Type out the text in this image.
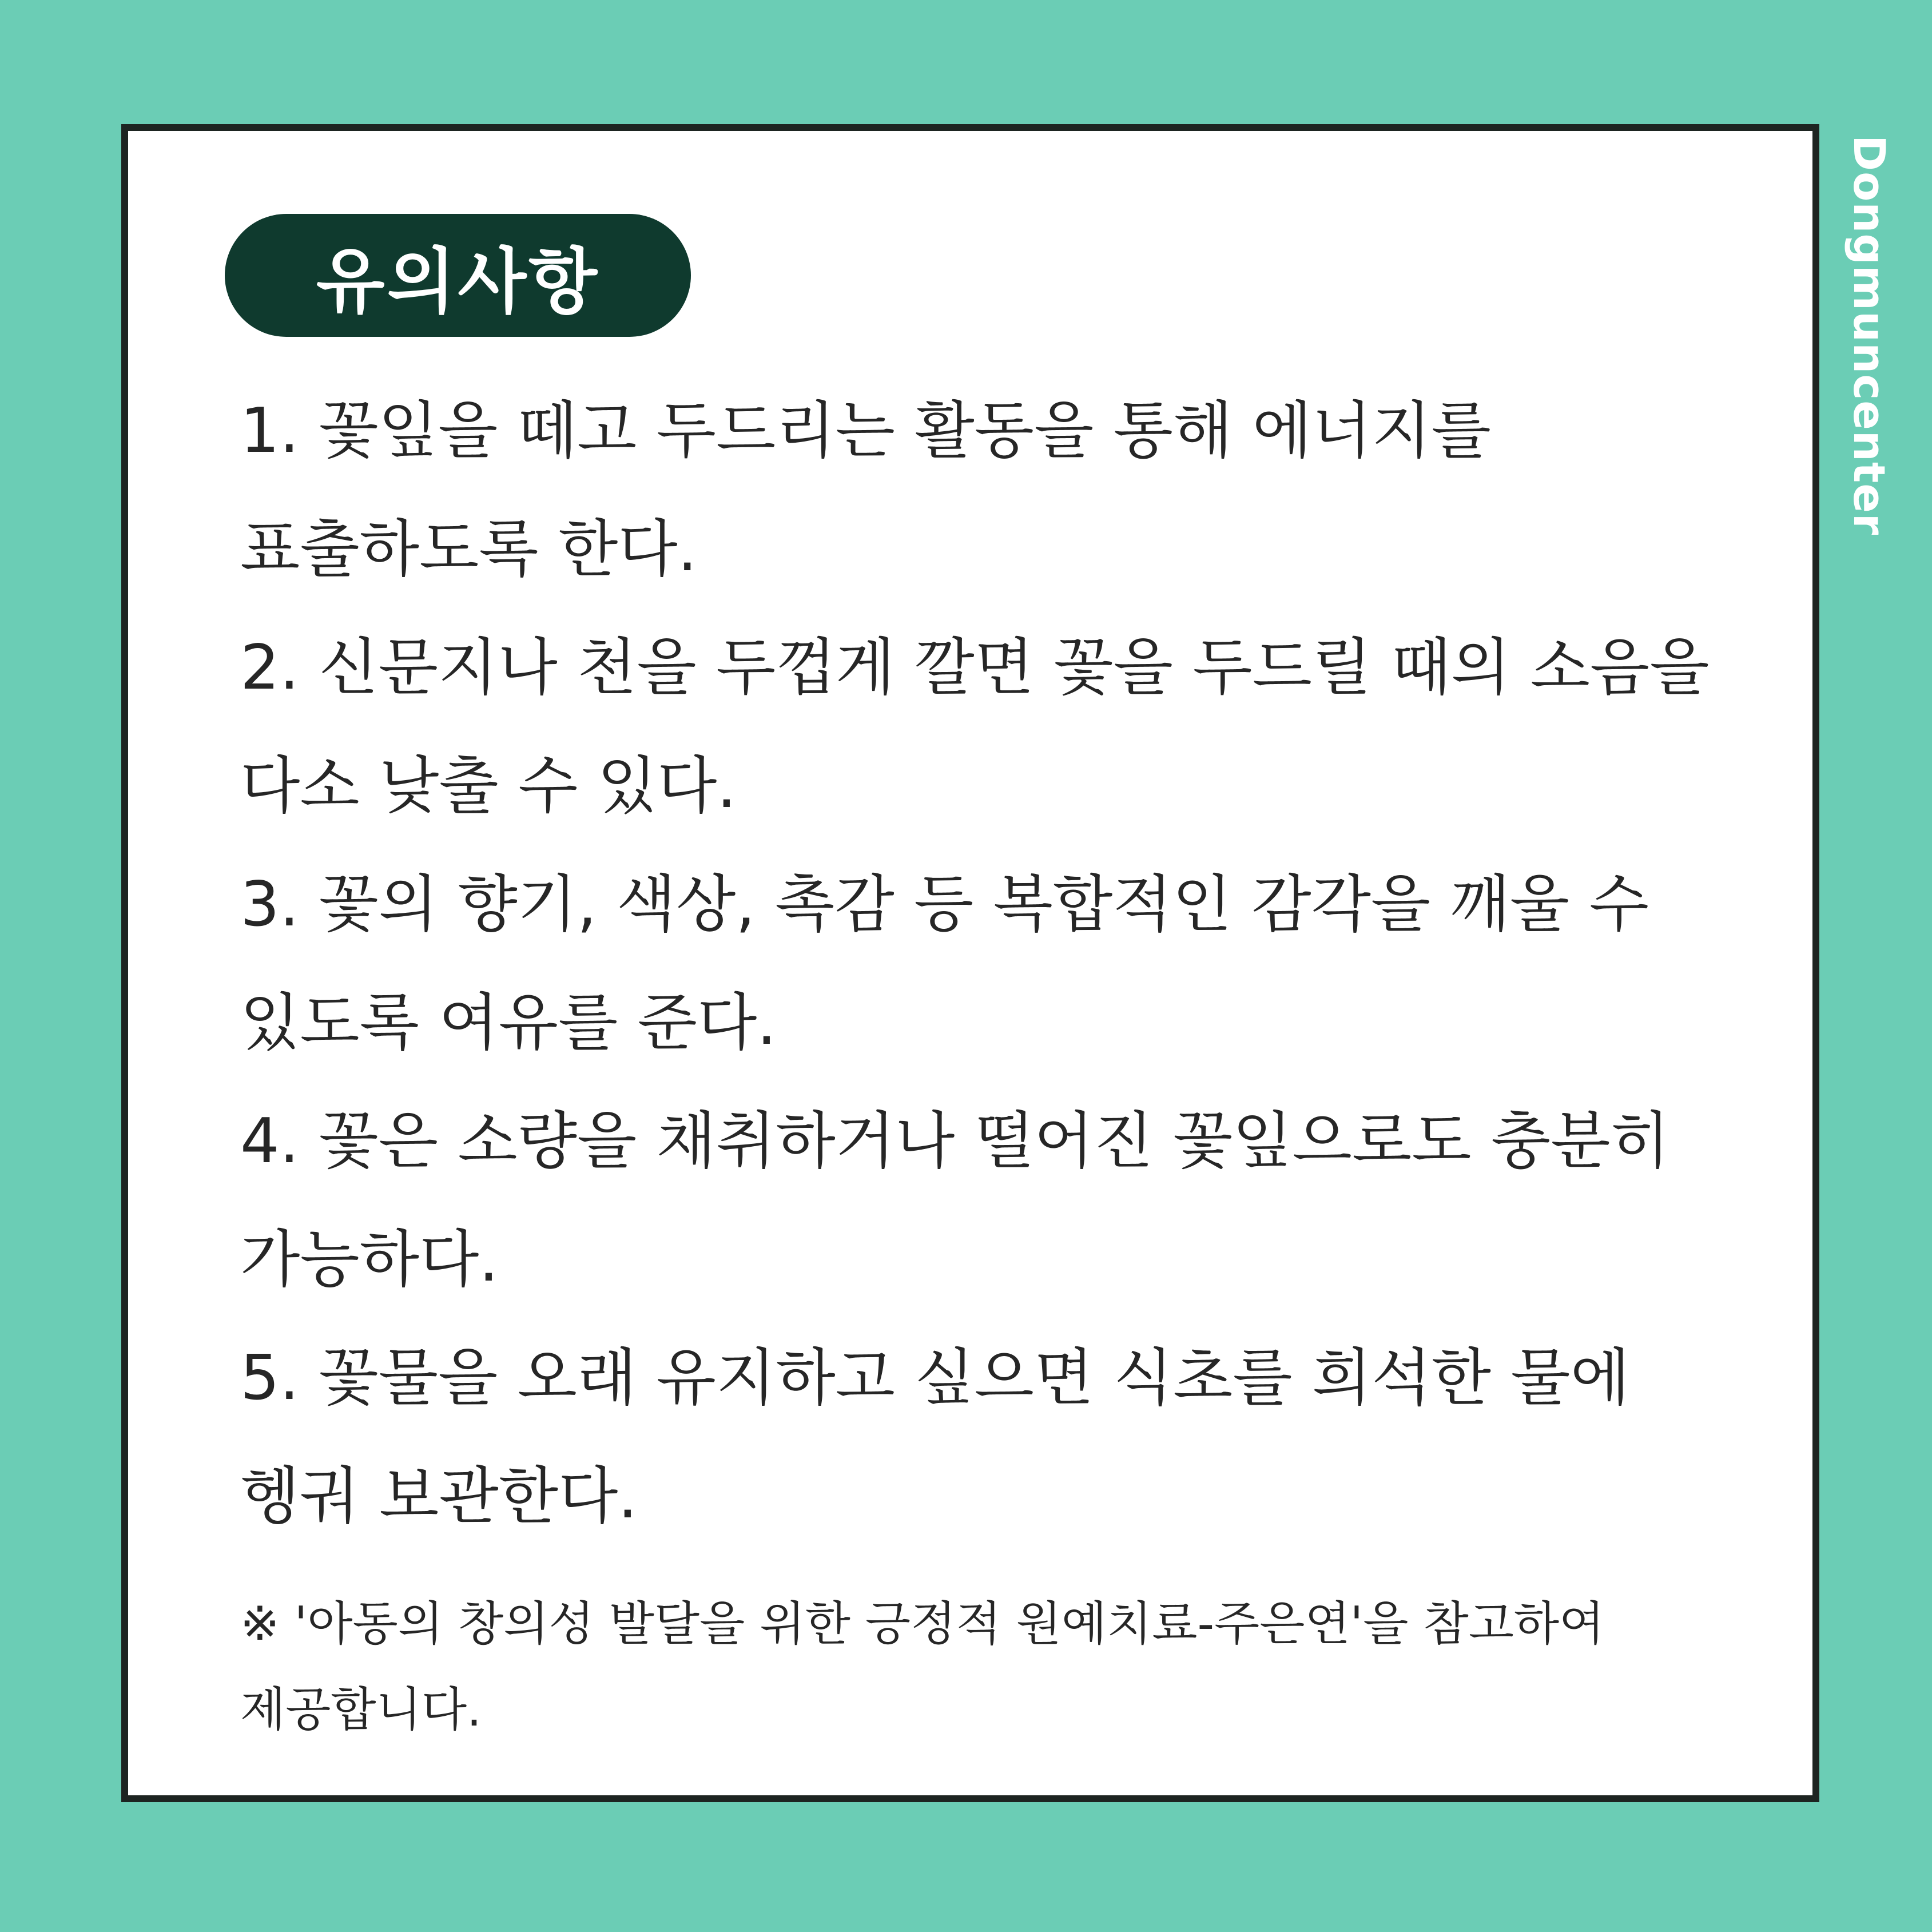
Dongmuncenter
유의사항
1. 꽃잎을 떼고 두드리는 활동을 통해 에너지를 표출하도록 한다.
2. 신문지나 천을 두껍게 깔면 꽃을 두드릴 때의 소음을 다소 낮출 수 있다.
3. 꽃의 향기, 색상, 촉감 등 복합적인 감각을 깨울 수 있도록 여유를 준다.
4. 꽃은 소량을 채취하거나 떨어진 꽃잎으로도 충분히 가능하다.
5. 꽃물을 오래 유지하고 싶으면 식초를 희석한 물에 헹궈 보관한다.

※ '아동의 창의성 발달을 위한 긍정적 원예치료-주은연'을 참고하여 제공합니다.
